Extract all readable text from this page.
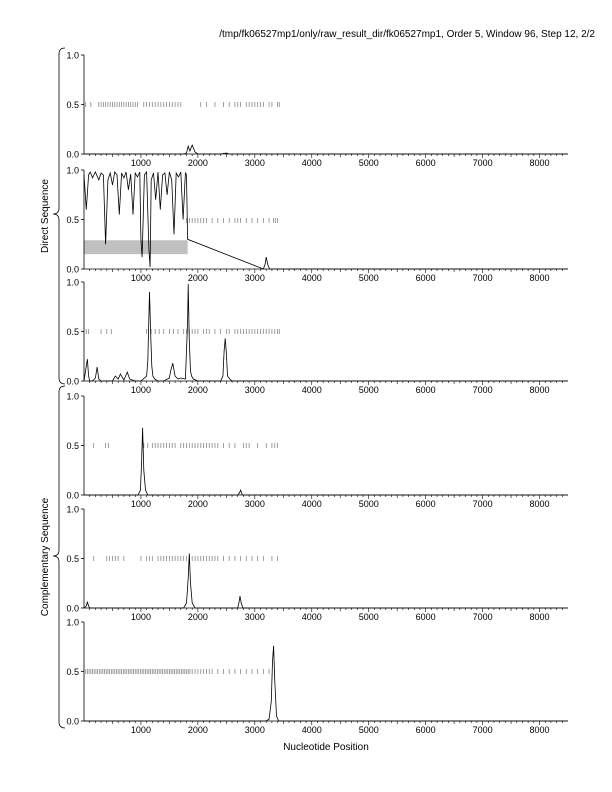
/tmp/fk06527mp1/only/raw_result_dir/fk06527mp1, Order 5, Window 96, Step 12, 2/2
0.0
0.5
1.0
1000	2000	3000	4000	5000	6000	7000	8000
0.0
0.5
1.0
1000	2000	3000	4000	5000	6000	7000	8000
0.0
0.5
1.0
1000	2000	3000	4000	5000	6000	7000	8000
0.0
0.5
1.0
1000	2000	3000	4000	5000	6000	7000	8000
0.0
0.5
1.0
1000	2000	3000	4000	5000	6000	7000	8000
0.0
0.5
1.0
1000	2000	3000	4000	5000	6000	7000	8000
Direct Sequence
Complementary Sequence
Nucleotide Position
